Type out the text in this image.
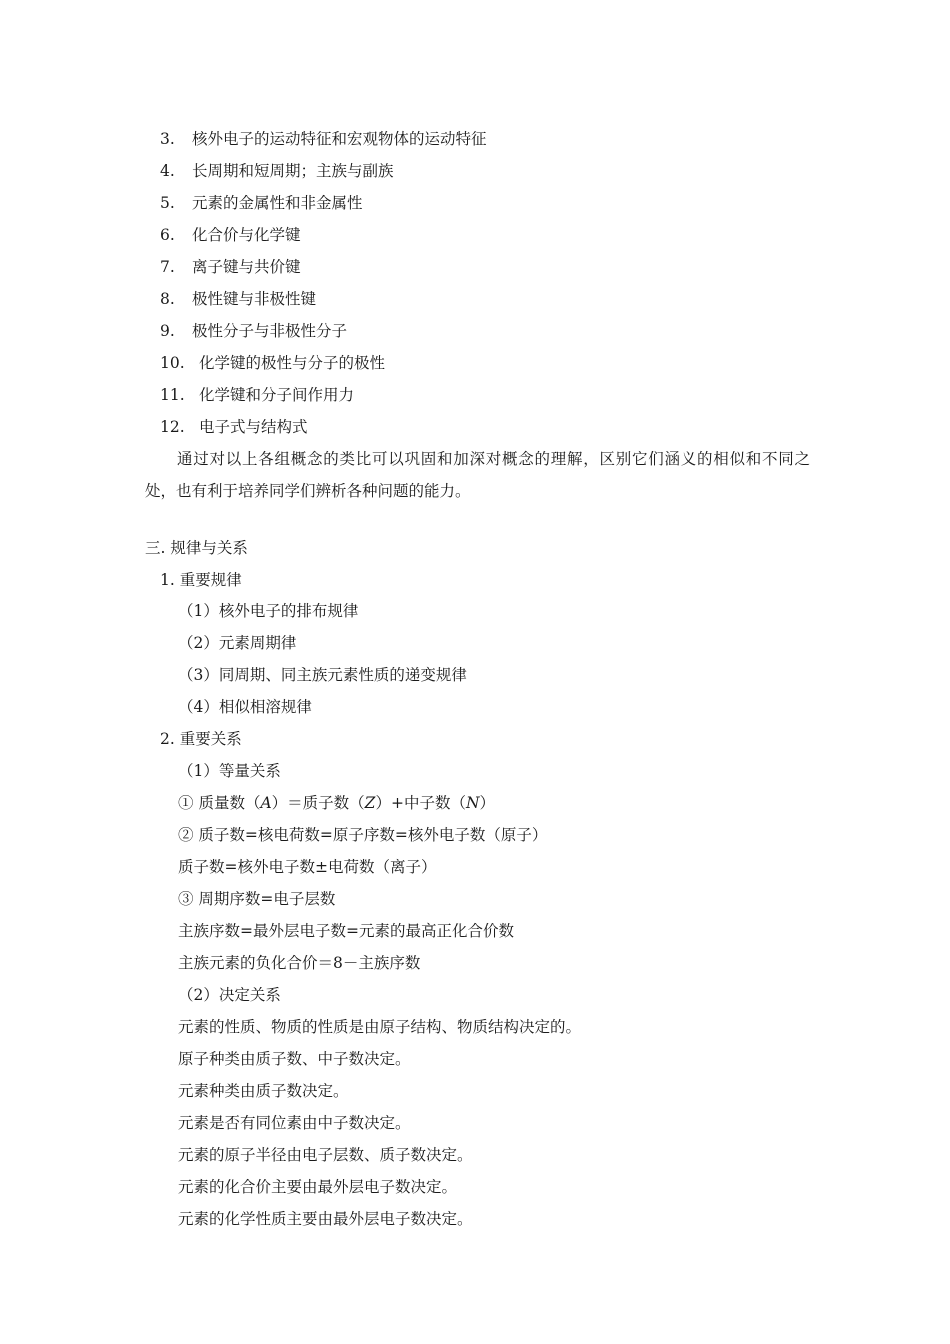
3. 核外电子的运动特征和宏观物体的运动特征
4. 长周期和短周期；主族与副族
5. 元素的金属性和非金属性
6. 化合价与化学键
7. 离子键与共价键
8. 极性键与非极性键
9. 极性分子与非极性分子
10. 化学键的极性与分子的极性
11. 化学键和分子间作用力
12. 电子式与结构式
通过对以上各组概念的类比可以巩固和加深对概念的理解，区别它们涵义的相似和不同之处，也有利于培养同学们辨析各种问题的能力。
三. 规律与关系
1. 重要规律
（1）核外电子的排布规律
（2）元素周期律
（3）同周期、同主族元素性质的递变规律
（4）相似相溶规律
2. 重要关系
（1）等量关系
① 质量数（A）＝质子数（Z）+中子数（N）
② 质子数=核电荷数=原子序数=核外电子数（原子）
质子数=核外电子数±电荷数（离子）
③ 周期序数=电子层数
主族序数=最外层电子数=元素的最高正化合价数
主族元素的负化合价＝8－主族序数
（2）决定关系
元素的性质、物质的性质是由原子结构、物质结构决定的。
原子种类由质子数、中子数决定。
元素种类由质子数决定。
元素是否有同位素由中子数决定。
元素的原子半径由电子层数、质子数决定。
元素的化合价主要由最外层电子数决定。
元素的化学性质主要由最外层电子数决定。
